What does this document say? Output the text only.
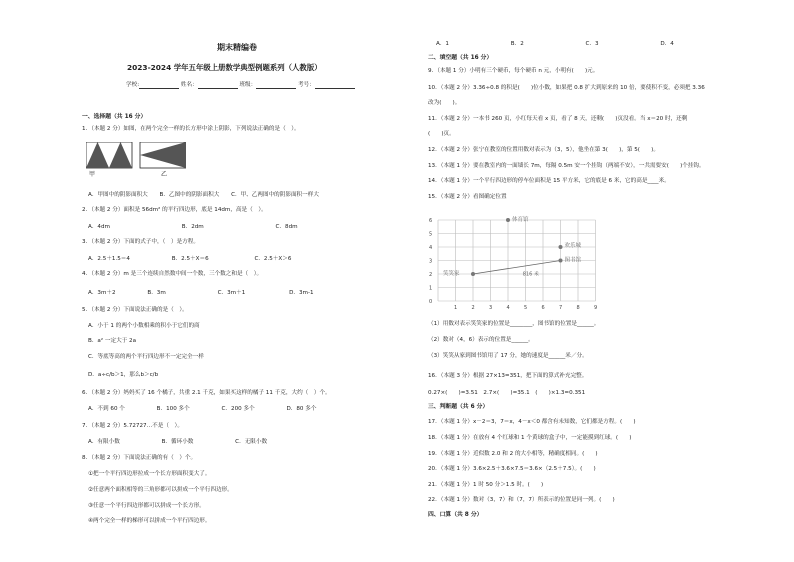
期末精编卷
2023-2024 学年五年级上册数学典型例题系列（人教版）
学校:	姓名：	班级：	考号：
一、选择题（共 16 分）
1．（本题 2 分）如图，在两个完全一样的长方形中涂上阴影，下列说法正确的是（　）。
甲	乙
A．甲图中的阴影面积大 B．乙图中的阴影面积大 C．甲、乙两图中的阴影面积一样大
2．（本题 2 分）面积是 56dm² 的平行四边形，底是 14dm，高是（　）。
A．4dm	B．2dm	C．8dm
3．（本题 2 分）下面的式子中，（　）是方程。
A．2.5＋1.5＝4	B．2.5＋X＝6	C．2.5＋X＞6
4．（本题 2 分）m 是三个连续自然数中间一个数，三个数之和是（　）。
A．3m＋2	B．3m	C．3m＋1	D．3m-1
5．（本题 2 分）下面说法正确的是（　）。
A．小于 1 的两个小数相乘的积小于它们的商
B．a² 一定大于 2a
C．等底等高的两个平行四边形不一定完全一样
D．a÷c/b＞1，那么b＞c/b
6．（本题 2 分）妈妈买了 16 个橘子，共重 2.1 千克，如果买这样的橘子 11 千克，大约（　）个。
A．不到 60 个	B．100 多个	C．200 多个	D．80 多个
7．（本题 2 分）5.72727…不是（　）。
A．有限小数	B．循环小数	C．无限小数
8．（本题 2 分）下面说法正确的有（　）个。
①把一个平行四边形拉成一个长方形面积变大了。
②任意两个面积相等的三角形都可以拼成一个平行四边形。
③任意一个平行四边形都可以拼成一个长方形。
④两个完全一样的梯形可以拼成一个平行四边形。
A．1	B．2	C．3	D．4
二、填空题（共 16 分）
9．（本题 1 分）小明有三个硬币，每个硬币 n 元，小明有(　　)元。
10．（本题 2 分）3.36÷0.8 的积是(　　)位小数，如果把 0.8 扩大到原来的 10 倍，要使积不变，必须把 3.36
改为(　　)。
11．（本题 2 分）一本书 260 页，小红每天看 x 页，看了 8 天，还剩(　　)页没看。当 x＝20 时，还剩
(　　)页。
12．（本题 2 分）张宁在教室的位置用数对表示为（3，5），他坐在第 3(　　)，第 5(　　)。
13．（本题 1 分）要在教室内的一面墙长 7m，每隔 0.5m 安一个挂钩（两端不安），一共需要安(　　)个挂钩。
14．（本题 1 分）一个平行四边形的停车位面积是 15 平方米，它的底是 6 米，它的高是____米。
15．（本题 2 分）看图确定位置
1	2	3	4	5	6	7	8	9
0
1
2
3
4
5
6
816 米
体育馆
欢乐城
图书馆
笑笑家
（1）用数对表示笑笑家的位置是________，图书馆的位置是______。
（2）数对（4，6）表示的位置是______。
（3）笑笑从家到图书馆用了 17 分，她的速度是______米／分。
16．（本题 3 分）根据 27×13=351，把下面的算式补充完整。
0.27×(　　)=3.51　2.7×(　　)=35.1　(　　)×1.3=0.351
三、判断题（共 6 分）
17．（本题 1 分）x－2＝3，7＝x，4－x＜0 都含有未知数，它们都是方程。(　　)
18．（本题 1 分）在放有 4 个红球和 1 个黄球的盒子中，一定能摸到红球。(　　)
19．（本题 1 分）近似数 2.0 和 2 的大小相等，精确度相同。(　　)
20．（本题 1 分）3.6×2.5＋3.6×7.5＝3.6×（2.5＋7.5）。(　　)
21．（本题 1 分）1 时 50 分＞1.5 时。(　　)
22．（本题 1 分）数对（3，7）和（7，7）所表示的位置是同一列。(　　)
四、口算（共 8 分）
